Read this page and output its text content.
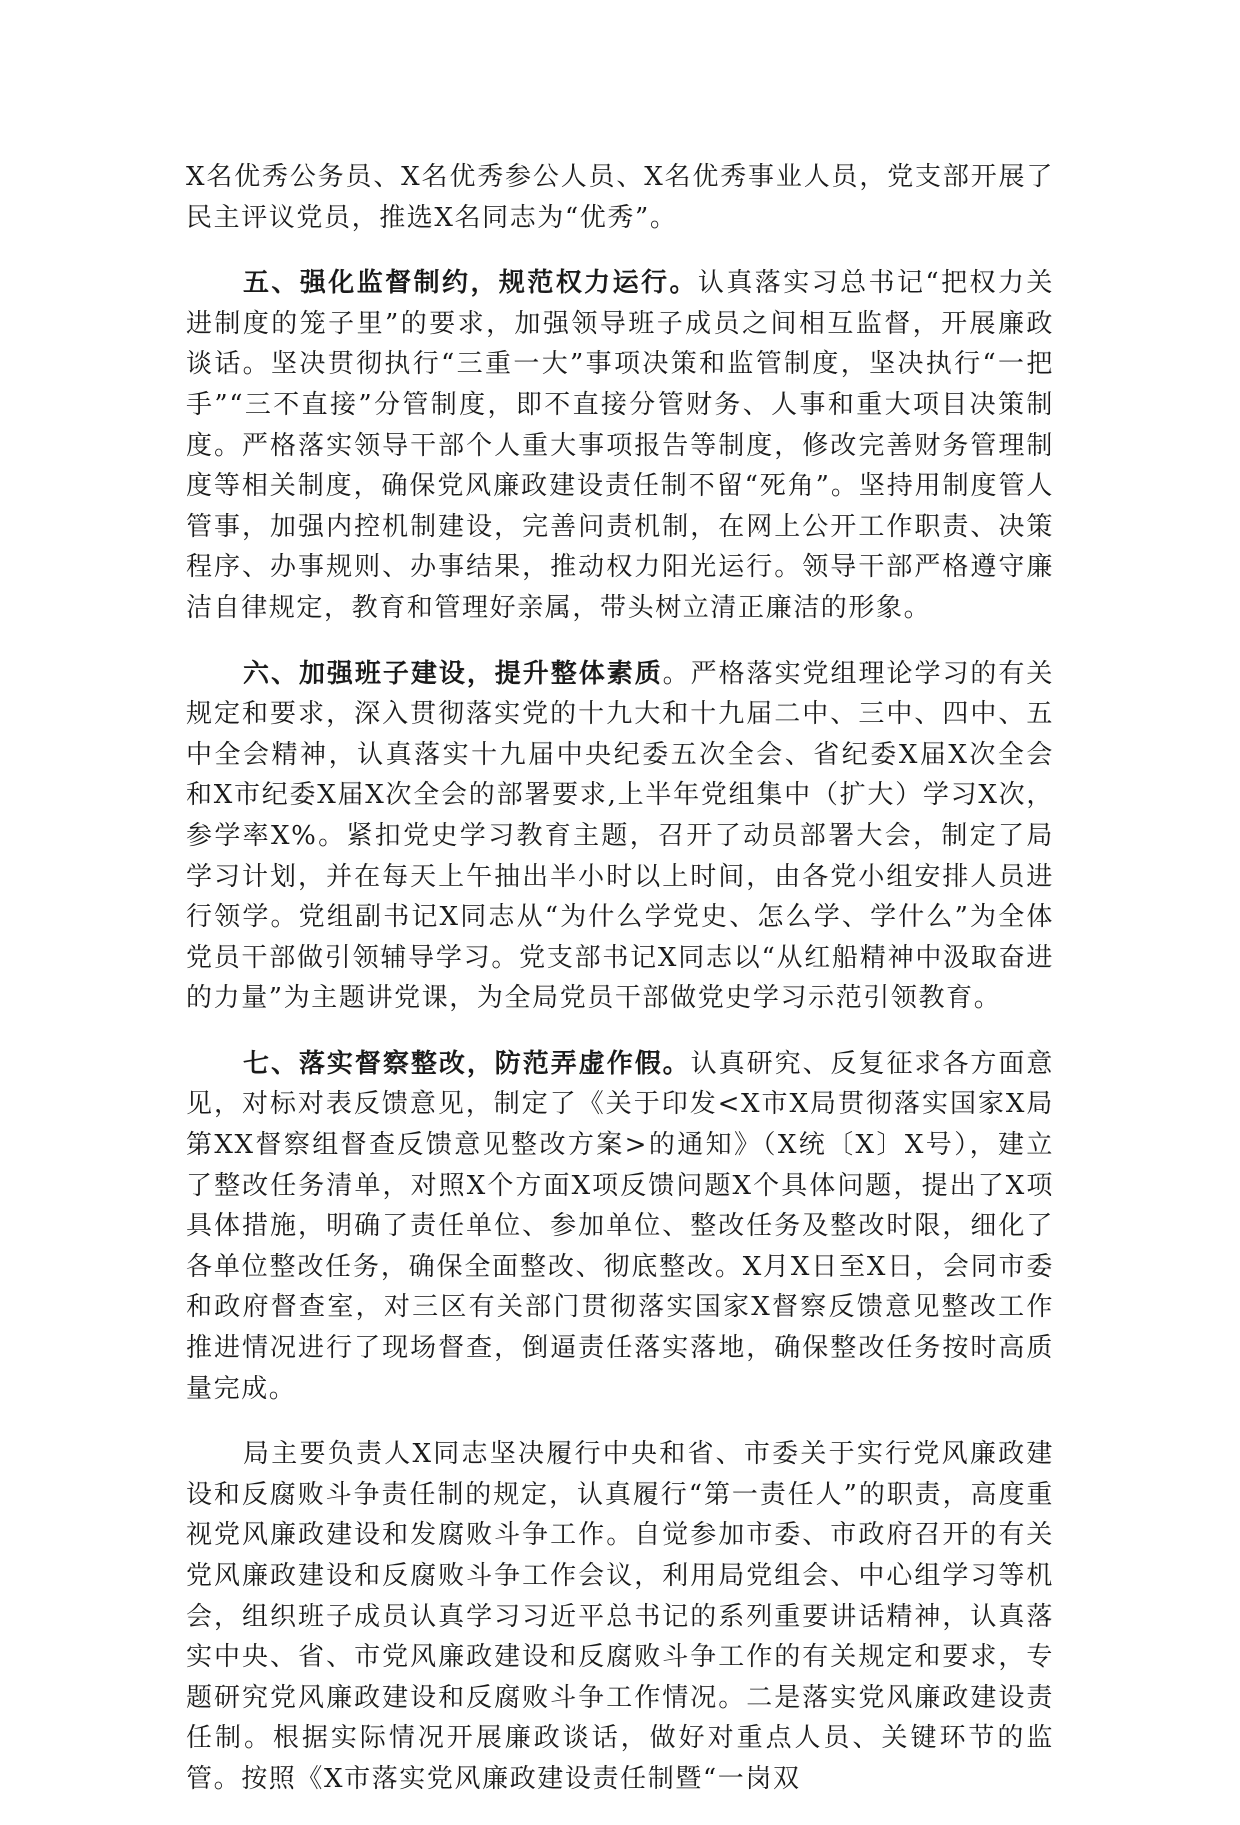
X名优秀公务员、X名优秀参公人员、X名优秀事业人员，党支部开展了民主评议党员，推选X名同志为“优秀”。

五、强化监督制约，规范权力运行。认真落实习总书记“把权力关进制度的笼子里”的要求，加强领导班子成员之间相互监督，开展廉政谈话。坚决贯彻执行“三重一大”事项决策和监管制度，坚决执行“一把手”“三不直接”分管制度，即不直接分管财务、人事和重大项目决策制度。严格落实领导干部个人重大事项报告等制度，修改完善财务管理制度等相关制度，确保党风廉政建设责任制不留“死角”。坚持用制度管人管事，加强内控机制建设，完善问责机制，在网上公开工作职责、决策程序、办事规则、办事结果，推动权力阳光运行。领导干部严格遵守廉洁自律规定，教育和管理好亲属，带头树立清正廉洁的形象。

六、加强班子建设，提升整体素质。严格落实党组理论学习的有关规定和要求，深入贯彻落实党的十九大和十九届二中、三中、四中、五中全会精神，认真落实十九届中央纪委五次全会、省纪委X届X次全会和X市纪委X届X次全会的部署要求,上半年党组集中（扩大）学习X次，参学率X%。紧扣党史学习教育主题，召开了动员部署大会，制定了局学习计划，并在每天上午抽出半小时以上时间，由各党小组安排人员进行领学。党组副书记X同志从“为什么学党史、怎么学、学什么”为全体党员干部做引领辅导学习。党支部书记X同志以“从红船精神中汲取奋进的力量”为主题讲党课，为全局党员干部做党史学习示范引领教育。

七、落实督察整改，防范弄虚作假。认真研究、反复征求各方面意见，对标对表反馈意见，制定了《关于印发<X市X局贯彻落实国家X局第XX督察组督查反馈意见整改方案>的通知》（X统〔X〕X号），建立了整改任务清单，对照X个方面X项反馈问题X个具体问题，提出了X项具体措施，明确了责任单位、参加单位、整改任务及整改时限，细化了各单位整改任务，确保全面整改、彻底整改。X月X日至X日，会同市委和政府督查室，对三区有关部门贯彻落实国家X督察反馈意见整改工作推进情况进行了现场督查，倒逼责任落实落地，确保整改任务按时高质量完成。

局主要负责人X同志坚决履行中央和省、市委关于实行党风廉政建设和反腐败斗争责任制的规定，认真履行“第一责任人”的职责，高度重视党风廉政建设和发腐败斗争工作。自觉参加市委、市政府召开的有关党风廉政建设和反腐败斗争工作会议，利用局党组会、中心组学习等机会，组织班子成员认真学习习近平总书记的系列重要讲话精神，认真落实中央、省、市党风廉政建设和反腐败斗争工作的有关规定和要求，专题研究党风廉政建设和反腐败斗争工作情况。二是落实党风廉政建设责任制。根据实际情况开展廉政谈话，做好对重点人员、关键环节的监管。按照《X市落实党风廉政建设责任制暨“一岗双
